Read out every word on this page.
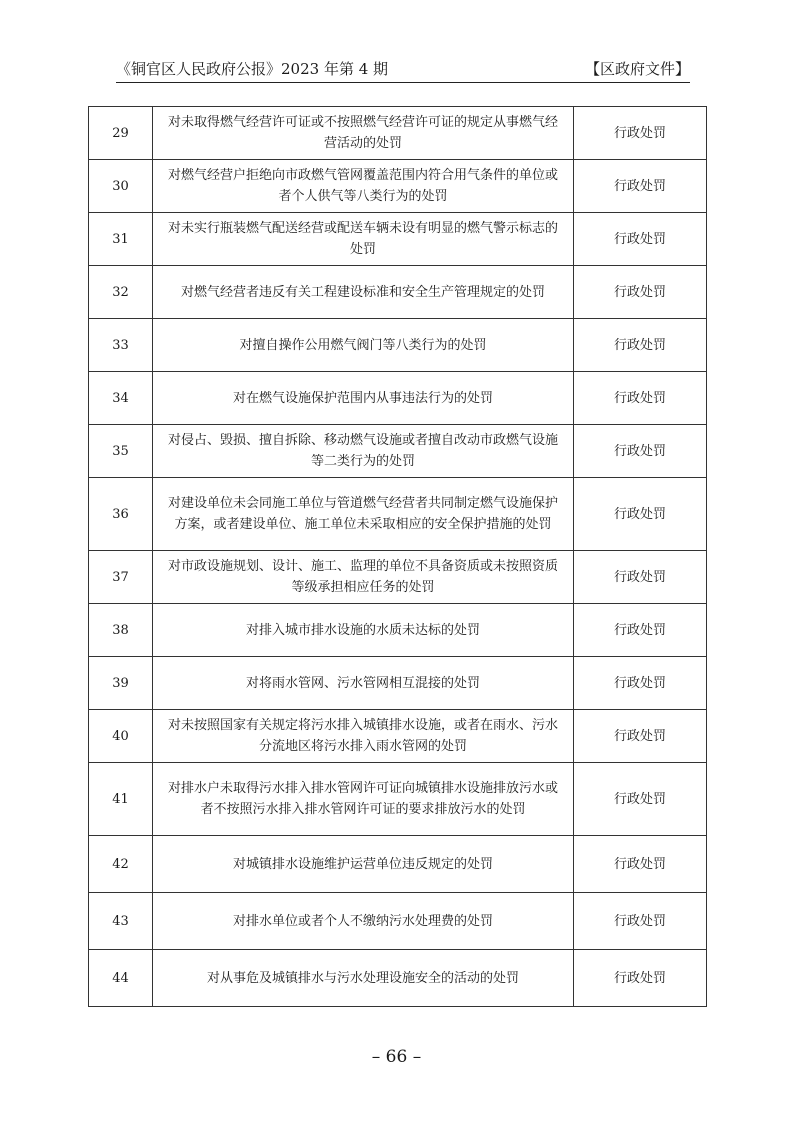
《铜官区人民政府公报》2023 年第 4 期	【区政府文件】
29	对未取得燃气经营许可证或不按照燃气经营许可证的规定从事燃气经营活动的处罚	行政处罚
30	对燃气经营户拒绝向市政燃气管网覆盖范围内符合用气条件的单位或者个人供气等八类行为的处罚	行政处罚
31	对未实行瓶装燃气配送经营或配送车辆未设有明显的燃气警示标志的处罚	行政处罚
32	对燃气经营者违反有关工程建设标准和安全生产管理规定的处罚	行政处罚
33	对擅自操作公用燃气阀门等八类行为的处罚	行政处罚
34	对在燃气设施保护范围内从事违法行为的处罚	行政处罚
35	对侵占、毁损、擅自拆除、移动燃气设施或者擅自改动市政燃气设施等二类行为的处罚	行政处罚
36	对建设单位未会同施工单位与管道燃气经营者共同制定燃气设施保护方案，或者建设单位、施工单位未采取相应的安全保护措施的处罚	行政处罚
37	对市政设施规划、设计、施工、监理的单位不具备资质或未按照资质等级承担相应任务的处罚	行政处罚
38	对排入城市排水设施的水质未达标的处罚	行政处罚
39	对将雨水管网、污水管网相互混接的处罚	行政处罚
40	对未按照国家有关规定将污水排入城镇排水设施，或者在雨水、污水分流地区将污水排入雨水管网的处罚	行政处罚
41	对排水户未取得污水排入排水管网许可证向城镇排水设施排放污水或者不按照污水排入排水管网许可证的要求排放污水的处罚	行政处罚
42	对城镇排水设施维护运营单位违反规定的处罚	行政处罚
43	对排水单位或者个人不缴纳污水处理费的处罚	行政处罚
44	对从事危及城镇排水与污水处理设施安全的活动的处罚	行政处罚
– 66 –
